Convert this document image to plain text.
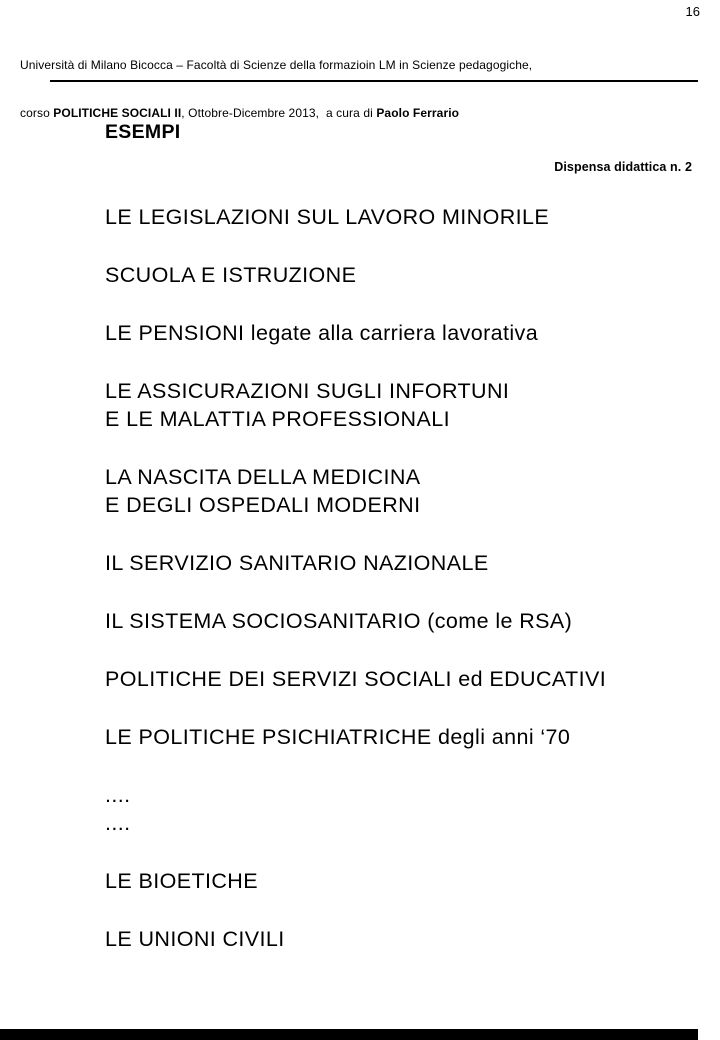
16

Università di Milano Bicocca – Facoltà di Scienze della formazioin LM in Scienze pedagogiche,

corso POLITICHE SOCIALI II, Ottobre-Dicembre 2013,  a cura di Paolo Ferrario

Dispensa didattica n. 2

ESEMPI

LE LEGISLAZIONI SUL LAVORO MINORILE

SCUOLA E ISTRUZIONE

LE PENSIONI legate alla carriera lavorativa

LE ASSICURAZIONI SUGLI INFORTUNI
E LE MALATTIA PROFESSIONALI

LA NASCITA DELLA MEDICINA
E DEGLI OSPEDALI MODERNI

IL SERVIZIO SANITARIO NAZIONALE

IL SISTEMA SOCIOSANITARIO (come le RSA)

POLITICHE DEI SERVIZI SOCIALI ed EDUCATIVI

LE POLITICHE PSICHIATRICHE degli anni ‘70

....
....

LE BIOETICHE

LE UNIONI CIVILI
